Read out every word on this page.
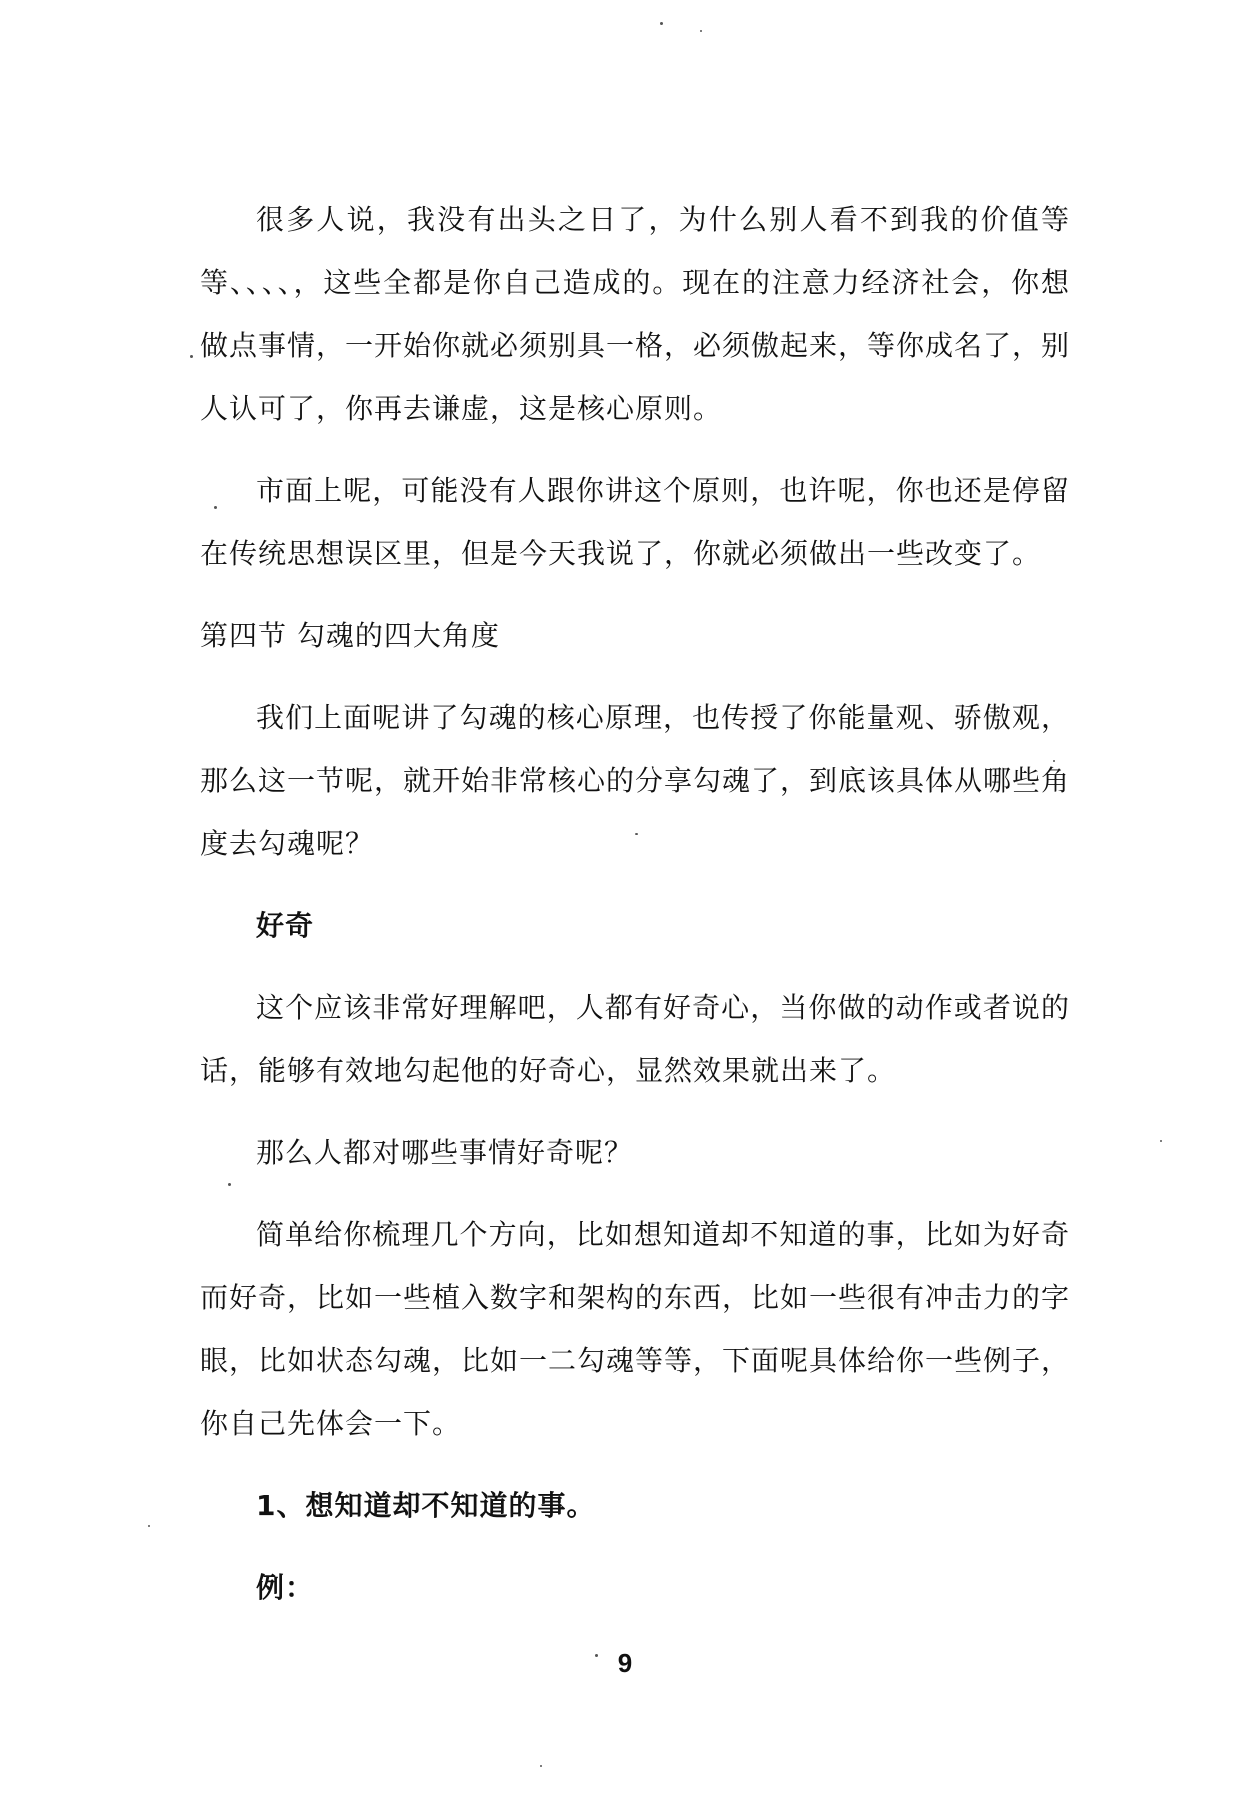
很多人说，我没有出头之日了，为什么别人看不到我的价值等等、、、、，这些全都是你自己造成的。现在的注意力经济社会，你想做点事情，一开始你就必须别具一格，必须傲起来，等你成名了，别人认可了，你再去谦虚，这是核心原则。

市面上呢，可能没有人跟你讲这个原则，也许呢，你也还是停留在传统思想误区里，但是今天我说了，你就必须做出一些改变了。

第四节 勾魂的四大角度

我们上面呢讲了勾魂的核心原理，也传授了你能量观、骄傲观，那么这一节呢，就开始非常核心的分享勾魂了，到底该具体从哪些角度去勾魂呢？

好奇

这个应该非常好理解吧，人都有好奇心，当你做的动作或者说的话，能够有效地勾起他的好奇心，显然效果就出来了。

那么人都对哪些事情好奇呢？

简单给你梳理几个方向，比如想知道却不知道的事，比如为好奇而好奇，比如一些植入数字和架构的东西，比如一些很有冲击力的字眼，比如状态勾魂，比如一二勾魂等等，下面呢具体给你一些例子，你自己先体会一下。

1、想知道却不知道的事。

例：

9
